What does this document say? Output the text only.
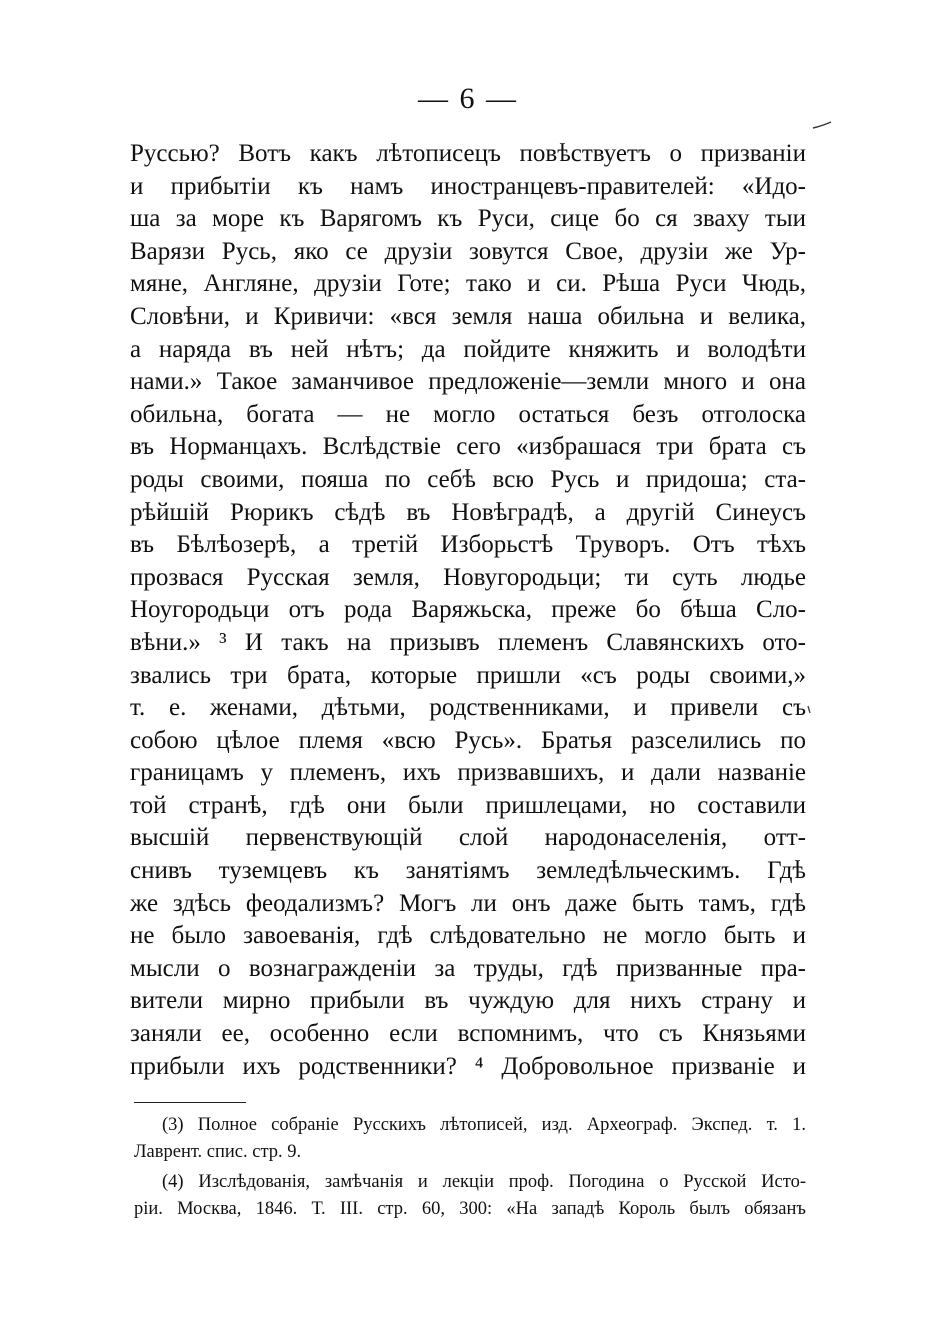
— 6 —
Руссью? Вотъ какъ лѣтописецъ повѣствуетъ о призваніи
и прибытіи къ намъ иностранцевъ-правителей: «Идо-
ша за море къ Варягомъ къ Руси, сице бо ся зваху тыи
Варязи Русь, яко се друзіи зовутся Свое, друзіи же Ур-
мяне, Англяне, друзіи Готе; тако и си. Рѣша Руси Чюдь,
Словѣни, и Кривичи: «вся земля наша обильна и велика,
а наряда въ ней нѣтъ; да пойдите княжить и володѣти
нами.» Такое заманчивое предложеніе—земли много и она
обильна, богата — не могло остаться безъ отголоска
въ Норманцахъ. Вслѣдствіе сего «избрашася три брата съ
роды своими, пояша по себѣ всю Русь и придоша; ста-
рѣйшій Рюрикъ сѣдѣ въ Новѣградѣ, а другій Синеусъ
въ Бѣлѣозерѣ, а третій Изборьстѣ Труворъ. Отъ тѣхъ
прозвася Русская земля, Новугородьци; ти суть людье
Ноугородьци отъ рода Варяжьска, преже бо бѣша Сло-
вѣни.» ³ И такъ на призывъ племенъ Славянскихъ ото-
звались три брата, которые пришли «съ роды своими,»
т. е. женами, дѣтьми, родственниками, и привели съ
собою цѣлое племя «всю Русь». Братья разселились по
границамъ у племенъ, ихъ призвавшихъ, и дали названіе
той странѣ, гдѣ они были пришлецами, но составили
высшій первенствующій слой народонаселенія, отт-
снивъ туземцевъ къ занятіямъ земледѣльческимъ. Гдѣ
же здѣсь феодализмъ? Могъ ли онъ даже быть тамъ, гдѣ
не было завоеванія, гдѣ слѣдовательно не могло быть и
мысли о вознагражденіи за труды, гдѣ призванные пра-
вители мирно прибыли въ чуждую для нихъ страну и
заняли ее, особенно если вспомнимъ, что съ Князьями
прибыли ихъ родственники? ⁴ Добровольное призваніе и
(3) Полное собраніе Русскихъ лѣтописей, изд. Археограф. Экспед. т. 1.
Лаврент. спис. стр. 9.
(4) Изслѣдованія, замѣчанія и лекціи проф. Погодина о Русской Исто-
ріи. Москва, 1846. Т. III. стр. 60, 300: «На западѣ Король былъ обязанъ
